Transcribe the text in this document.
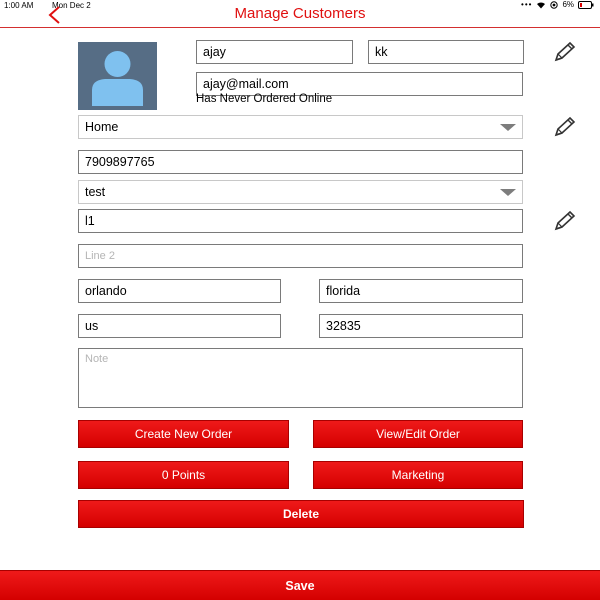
1:00 AM Mon Dec 2	•••	6%
Manage Customers
ajay	kk
ajay@mail.com
Has Never Ordered Online
Home
7909897765
test
l1
Line 2
orlando	florida
us	32835
Note
Create New Order	View/Edit Order
0 Points	Marketing
Delete
Save
